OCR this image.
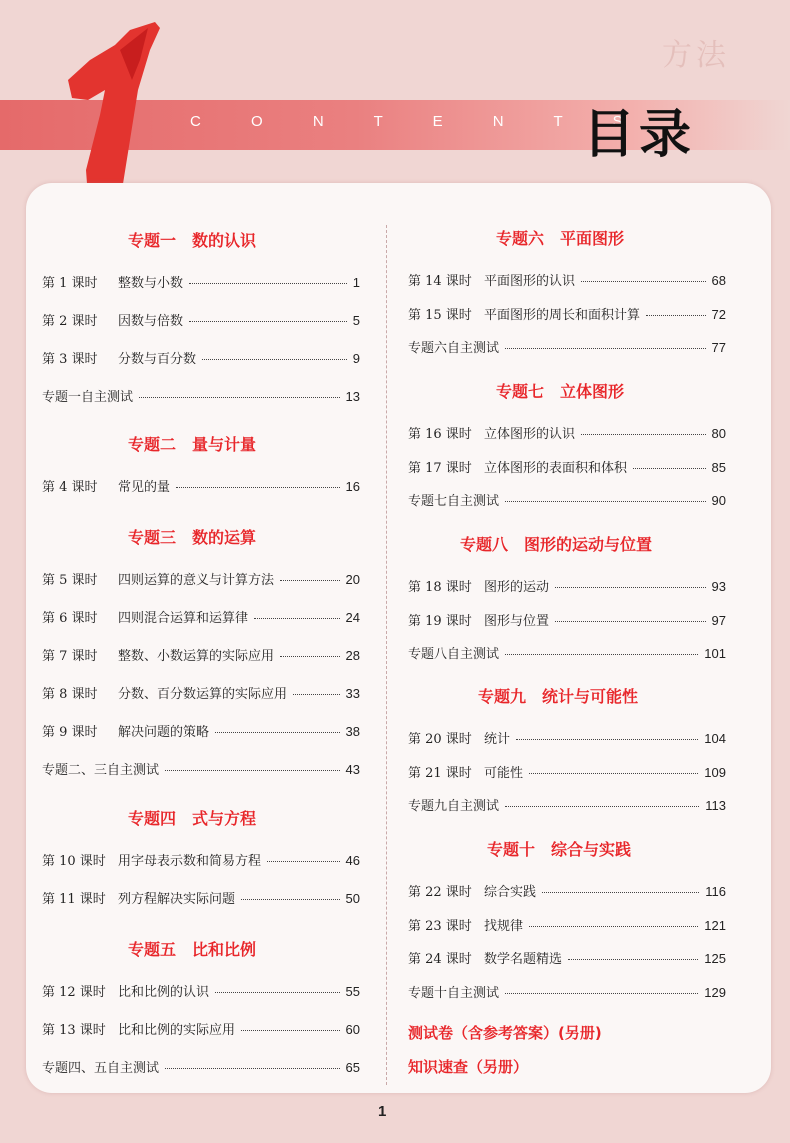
方法
C O N T E N T S
目录
专题一　数的认识
第 1 课时	整数与小数	1
第 2 课时	因数与倍数	5
第 3 课时	分数与百分数	9
专题一自主测试	13
专题二　量与计量
第 4 课时	常见的量	16
专题三　数的运算
第 5 课时	四则运算的意义与计算方法	20
第 6 课时	四则混合运算和运算律	24
第 7 课时	整数、小数运算的实际应用	28
第 8 课时	分数、百分数运算的实际应用	33
第 9 课时	解决问题的策略	38
专题二、三自主测试	43
专题四　式与方程
第 10 课时 用字母表示数和简易方程	46
第 11 课时 列方程解决实际问题	50
专题五　比和比例
第 12 课时 比和比例的认识	55
第 13 课时 比和比例的实际应用	60
专题四、五自主测试	65
专题六　平面图形
第 14 课时 平面图形的认识	68
第 15 课时 平面图形的周长和面积计算	72
专题六自主测试	77
专题七　立体图形
第 16 课时 立体图形的认识	80
第 17 课时 立体图形的表面积和体积	85
专题七自主测试	90
专题八　图形的运动与位置
第 18 课时 图形的运动	93
第 19 课时 图形与位置	97
专题八自主测试	101
专题九　统计与可能性
第 20 课时 统计	104
第 21 课时 可能性	109
专题九自主测试	113
专题十　综合与实践
第 22 课时 综合实践	116
第 23 课时 找规律	121
第 24 课时 数学名题精选	125
专题十自主测试	129
测试卷（含参考答案）(另册)
知识速查（另册）
1
